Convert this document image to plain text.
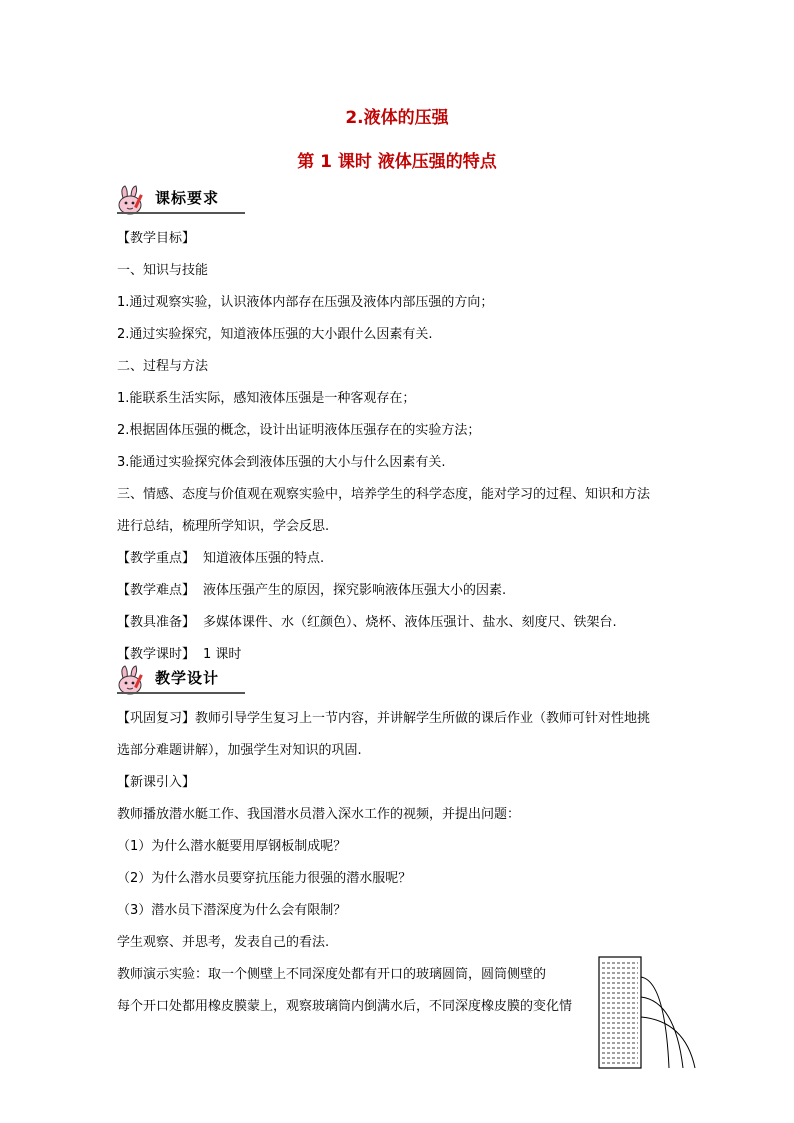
2.液体的压强
第 1 课时 液体压强的特点
课标要求
【教学目标】
一、知识与技能
1.通过观察实验，认识液体内部存在压强及液体内部压强的方向；
2.通过实验探究，知道液体压强的大小跟什么因素有关.
二、过程与方法
1.能联系生活实际，感知液体压强是一种客观存在；
2.根据固体压强的概念，设计出证明液体压强存在的实验方法；
3.能通过实验探究体会到液体压强的大小与什么因素有关.
三、情感、态度与价值观在观察实验中，培养学生的科学态度，能对学习的过程、知识和方法
进行总结，梳理所学知识，学会反思.
【教学重点】 知道液体压强的特点.
【教学难点】 液体压强产生的原因，探究影响液体压强大小的因素.
【教具准备】 多媒体课件、水（红颜色）、烧杯、液体压强计、盐水、刻度尺、铁架台.
【教学课时】 1 课时
教学设计
【巩固复习】教师引导学生复习上一节内容，并讲解学生所做的课后作业（教师可针对性地挑
选部分难题讲解），加强学生对知识的巩固.
【新课引入】
教师播放潜水艇工作、我国潜水员潜入深水工作的视频，并提出问题：
（1）为什么潜水艇要用厚钢板制成呢？
（2）为什么潜水员要穿抗压能力很强的潜水服呢？
（3）潜水员下潜深度为什么会有限制？
学生观察、并思考，发表自己的看法.
教师演示实验：取一个侧壁上不同深度处都有开口的玻璃圆筒，圆筒侧壁的
每个开口处都用橡皮膜蒙上，观察玻璃筒内倒满水后，不同深度橡皮膜的变化情
